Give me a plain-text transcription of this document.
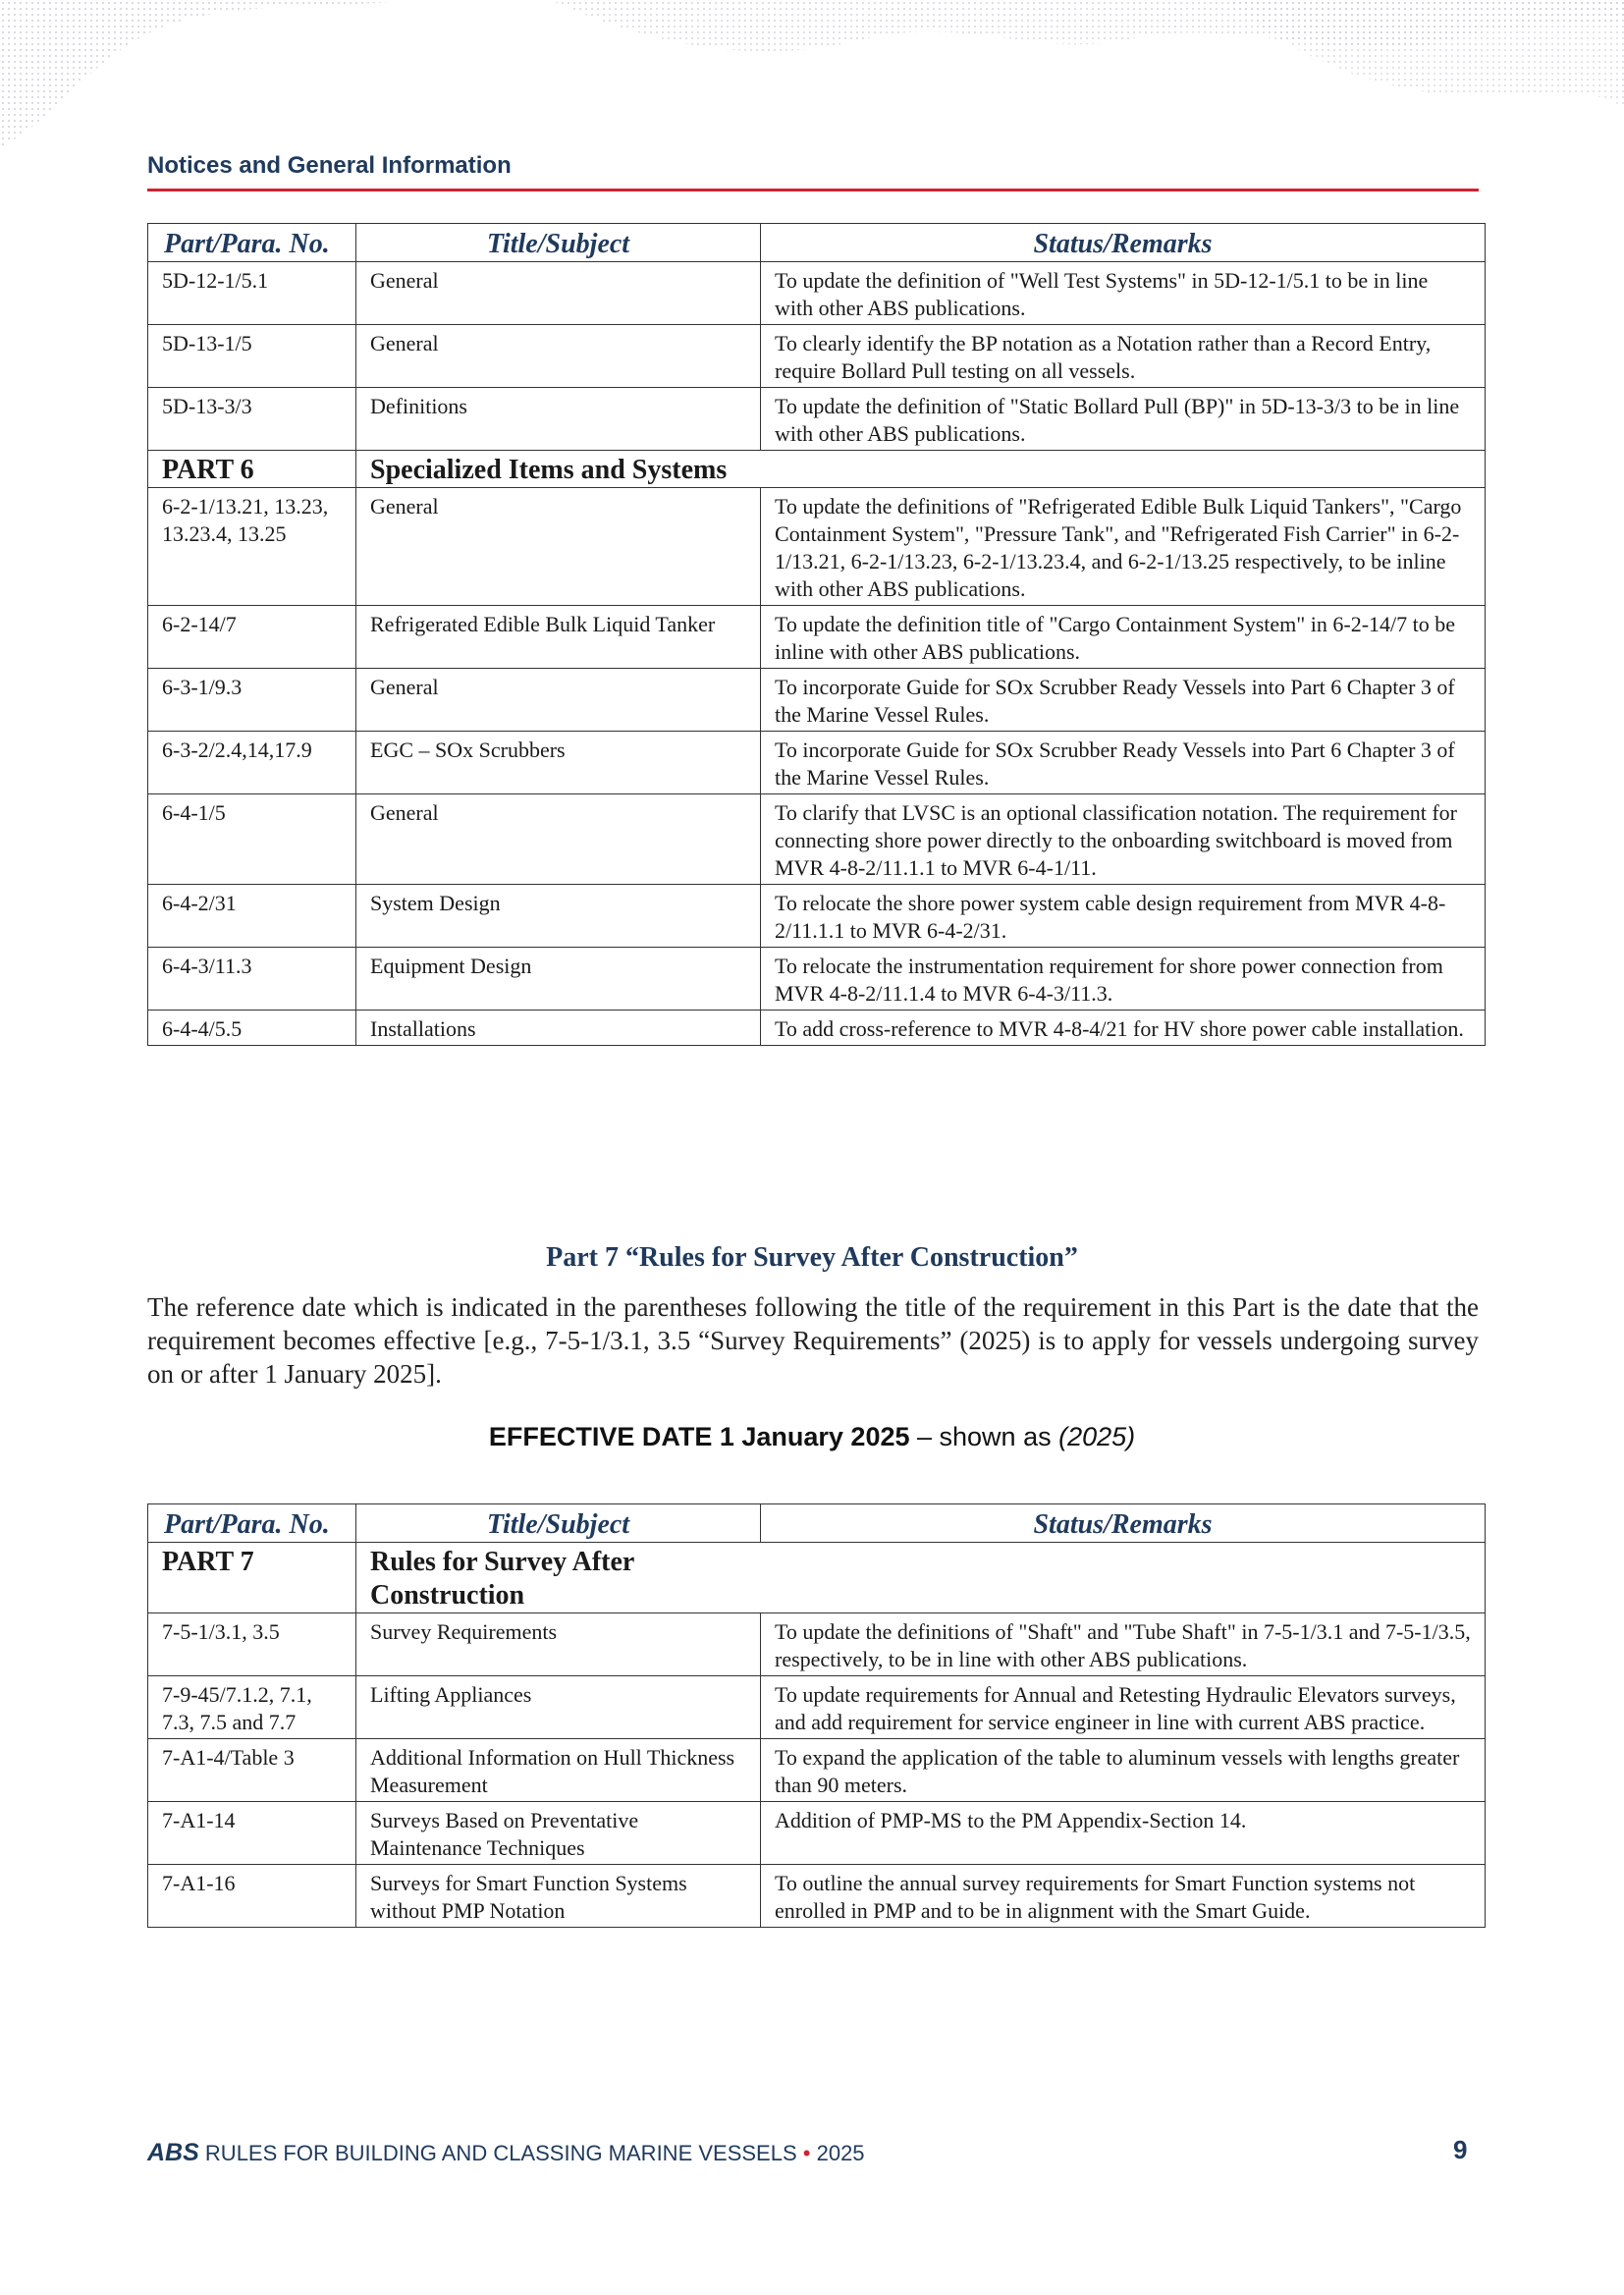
Notices and General Information
Part/Para. No.	Title/Subject	Status/Remarks
5D-12-1/5.1	General	To update the definition of "Well Test Systems" in 5D-12-1/5.1 to be in line with other ABS publications.
5D-13-1/5	General	To clearly identify the BP notation as a Notation rather than a Record Entry, require Bollard Pull testing on all vessels.
5D-13-3/3	Definitions	To update the definition of "Static Bollard Pull (BP)" in 5D-13-3/3 to be in line with other ABS publications.
PART 6	Specialized Items and Systems	
6-2-1/13.21, 13.23, 13.23.4, 13.25	General	To update the definitions of "Refrigerated Edible Bulk Liquid Tankers", "Cargo Containment System", "Pressure Tank", and "Refrigerated Fish Carrier" in 6-2-1/13.21, 6-2-1/13.23, 6-2-1/13.23.4, and 6-2-1/13.25 respectively, to be inline with other ABS publications.
6-2-14/7	Refrigerated Edible Bulk Liquid Tanker	To update the definition title of "Cargo Containment System" in 6-2-14/7 to be inline with other ABS publications.
6-3-1/9.3	General	To incorporate Guide for SOx Scrubber Ready Vessels into Part 6 Chapter 3 of the Marine Vessel Rules.
6-3-2/2.4,14,17.9	EGC – SOx Scrubbers	To incorporate Guide for SOx Scrubber Ready Vessels into Part 6 Chapter 3 of the Marine Vessel Rules.
6-4-1/5	General	To clarify that LVSC is an optional classification notation. The requirement for connecting shore power directly to the onboarding switchboard is moved from MVR 4-8-2/11.1.1 to MVR 6-4-1/11.
6-4-2/31	System Design	To relocate the shore power system cable design requirement from MVR 4-8-2/11.1.1 to MVR 6-4-2/31.
6-4-3/11.3	Equipment Design	To relocate the instrumentation requirement for shore power connection from MVR 4-8-2/11.1.4 to MVR 6-4-3/11.3.
6-4-4/5.5	Installations	To add cross-reference to MVR 4-8-4/21 for HV shore power cable installation.
Part 7 “Rules for Survey After Construction”
The reference date which is indicated in the parentheses following the title of the requirement in this Part is the date that the requirement becomes effective [e.g., 7-5-1/3.1, 3.5 “Survey Requirements” (2025) is to apply for vessels undergoing survey on or after 1 January 2025].
EFFECTIVE DATE 1 January 2025 – shown as (2025)
Part/Para. No.	Title/Subject	Status/Remarks
PART 7	Rules for Survey After Construction	
7-5-1/3.1, 3.5	Survey Requirements	To update the definitions of "Shaft" and "Tube Shaft" in 7-5-1/3.1 and 7-5-1/3.5, respectively, to be in line with other ABS publications.
7-9-45/7.1.2, 7.1, 7.3, 7.5 and 7.7	Lifting Appliances	To update requirements for Annual and Retesting Hydraulic Elevators surveys, and add requirement for service engineer in line with current ABS practice.
7-A1-4/Table 3	Additional Information on Hull Thickness Measurement	To expand the application of the table to aluminum vessels with lengths greater than 90 meters.
7-A1-14	Surveys Based on Preventative Maintenance Techniques	Addition of PMP-MS to the PM Appendix-Section 14.
7-A1-16	Surveys for Smart Function Systems without PMP Notation	To outline the annual survey requirements for Smart Function systems not enrolled in PMP and to be in alignment with the Smart Guide.
ABS RULES FOR BUILDING AND CLASSING MARINE VESSELS • 2025	9
